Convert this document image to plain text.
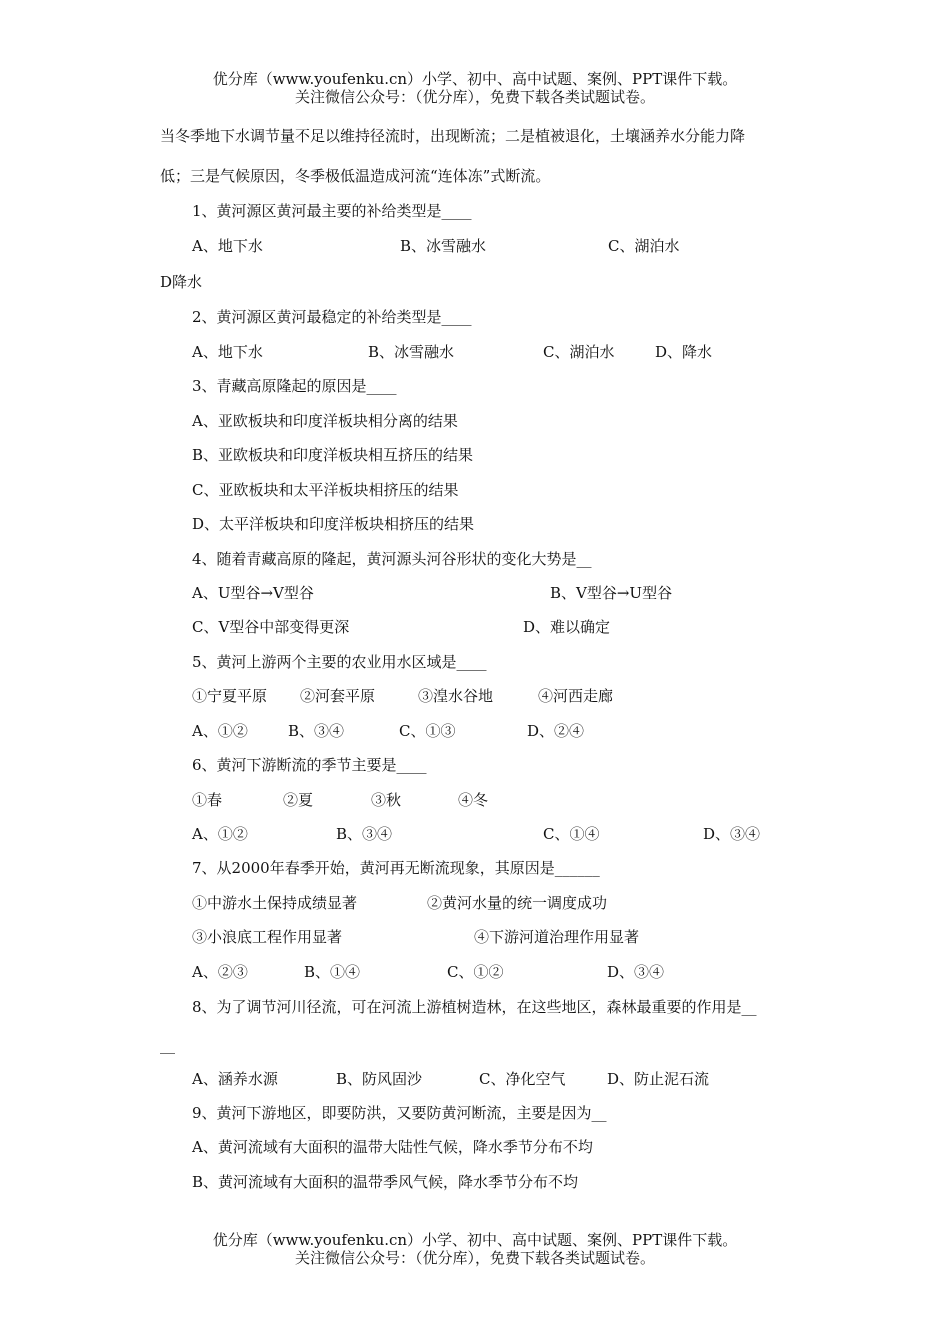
优分库（www.youfenku.cn）小学、初中、高中试题、案例、PPT课件下载。
关注微信公众号：（优分库），免费下载各类试题试卷。
当冬季地下水调节量不足以维持径流时，出现断流；二是植被退化，土壤涵养水分能力降
低；三是气候原因，冬季极低温造成河流“连体冻”式断流。
1、黄河源区黄河最主要的补给类型是____
A、地下水	B、冰雪融水	C、湖泊水
D降水
2、黄河源区黄河最稳定的补给类型是____
A、地下水	B、冰雪融水	C、湖泊水	D、降水
3、青藏高原隆起的原因是____
A、亚欧板块和印度洋板块相分离的结果
B、亚欧板块和印度洋板块相互挤压的结果
C、亚欧板块和太平洋板块相挤压的结果
D、太平洋板块和印度洋板块相挤压的结果
4、随着青藏高原的隆起，黄河源头河谷形状的变化大势是__
A、U型谷→V型谷	B、V型谷→U型谷
C、V型谷中部变得更深	D、难以确定
5、黄河上游两个主要的农业用水区域是____
①宁夏平原 ②河套平原	③湟水谷地	④河西走廊
A、①②	B、③④	C、①③	D、②④
6、黄河下游断流的季节主要是____
①春	②夏	③秋	④冬
A、①②	B、③④	C、①④	D、③④
7、从2000年春季开始，黄河再无断流现象，其原因是______
①中游水土保持成绩显著	②黄河水量的统一调度成功
③小浪底工程作用显著	④下游河道治理作用显著
A、②③	B、①④	C、①②	D、③④
8、为了调节河川径流，可在河流上游植树造林，在这些地区，森林最重要的作用是__
__
A、涵养水源	B、防风固沙	C、净化空气	D、防止泥石流
9、黄河下游地区，即要防洪，又要防黄河断流，主要是因为__
A、黄河流域有大面积的温带大陆性气候，降水季节分布不均
B、黄河流域有大面积的温带季风气候，降水季节分布不均
优分库（www.youfenku.cn）小学、初中、高中试题、案例、PPT课件下载。
关注微信公众号：（优分库），免费下载各类试题试卷。
